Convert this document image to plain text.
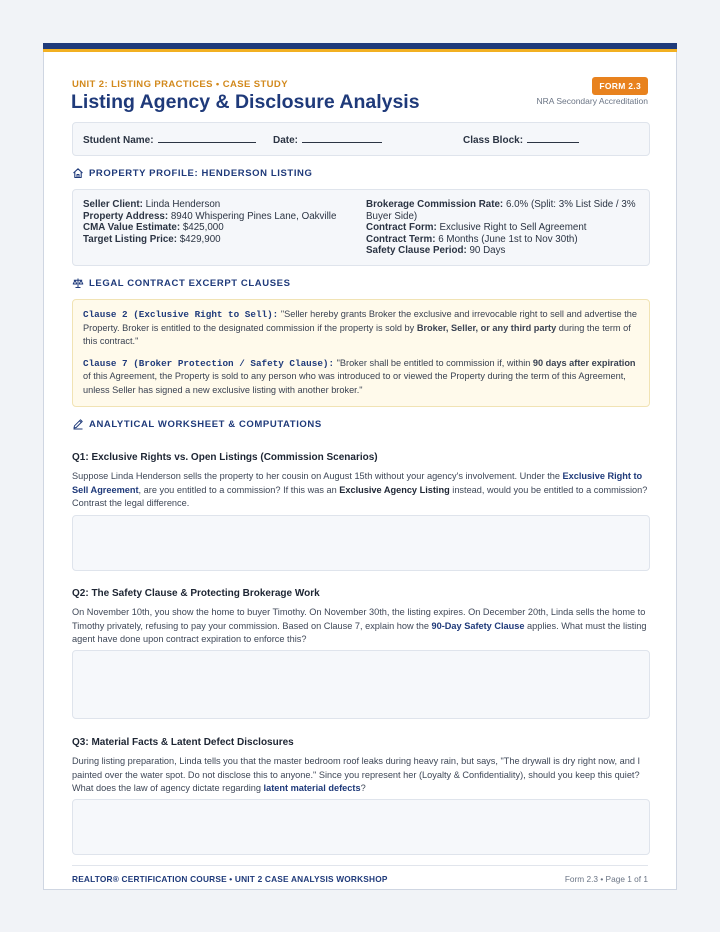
UNIT 2: LISTING PRACTICES • CASE STUDY
Listing Agency & Disclosure Analysis
FORM 2.3
NRA Secondary Accreditation
Student Name:	Date:	Class Block:
PROPERTY PROFILE: HENDERSON LISTING
Seller Client: Linda Henderson
Property Address: 8940 Whispering Pines Lane, Oakville
CMA Value Estimate: $425,000
Target Listing Price: $429,900
Brokerage Commission Rate: 6.0% (Split: 3% List Side / 3%
Buyer Side)
Contract Form: Exclusive Right to Sell Agreement
Contract Term: 6 Months (June 1st to Nov 30th)
Safety Clause Period: 90 Days
LEGAL CONTRACT EXCERPT CLAUSES

Clause 2 (Exclusive Right to Sell): "Seller hereby grants Broker the exclusive and irrevocable right to sell and advertise the Property. Broker is entitled to the designated commission if the property is sold by Broker, Seller, or any third party during the term of this contract."

Clause 7 (Broker Protection / Safety Clause): "Broker shall be entitled to commission if, within 90 days after expiration of this Agreement, the Property is sold to any person who was introduced to or viewed the Property during the term of this Agreement, unless Seller has signed a new exclusive listing with another broker."

ANALYTICAL WORKSHEET & COMPUTATIONS
Q1: Exclusive Rights vs. Open Listings (Commission Scenarios)
Suppose Linda Henderson sells the property to her cousin on August 15th without your agency's involvement. Under the Exclusive Right to Sell Agreement, are you entitled to a commission? If this was an Exclusive Agency Listing instead, would you be entitled to a commission? Contrast the legal difference.
Q2: The Safety Clause & Protecting Brokerage Work
On November 10th, you show the home to buyer Timothy. On November 30th, the listing expires. On December 20th, Linda sells the home to Timothy privately, refusing to pay your commission. Based on Clause 7, explain how the 90-Day Safety Clause applies. What must the listing agent have done upon contract expiration to enforce this?
Q3: Material Facts & Latent Defect Disclosures
During listing preparation, Linda tells you that the master bedroom roof leaks during heavy rain, but says, "The drywall is dry right now, and I painted over the water spot. Do not disclose this to anyone." Since you represent her (Loyalty & Confidentiality), should you keep this quiet? What does the law of agency dictate regarding latent material defects?
REALTOR® CERTIFICATION COURSE • UNIT 2 CASE ANALYSIS WORKSHOP	Form 2.3 • Page 1 of 1
